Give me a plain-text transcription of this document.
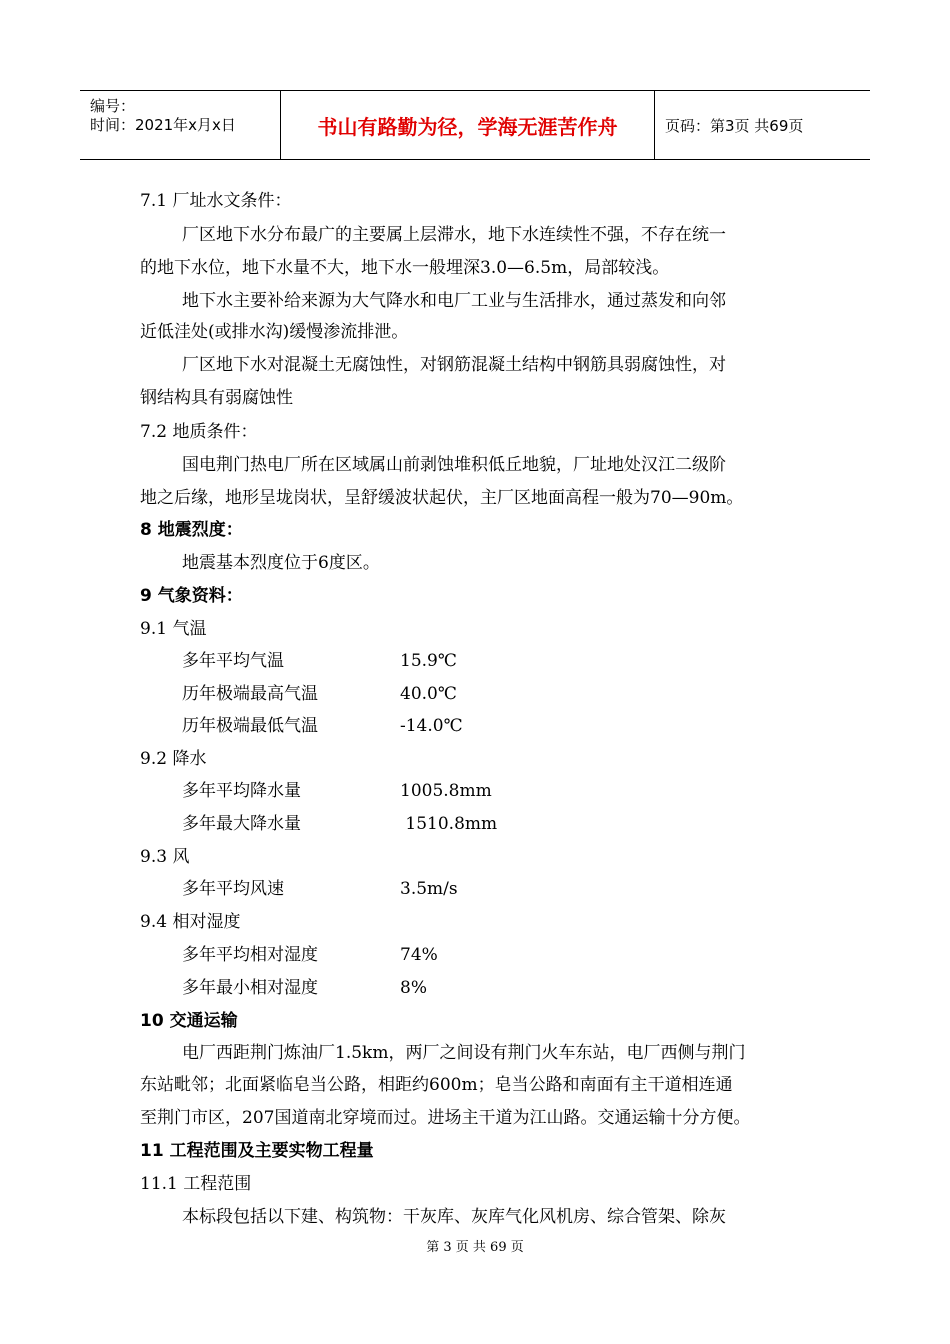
编号：
时间：2021年x月x日	书山有路勤为径，学海无涯苦作舟	页码：第3页 共69页
7.1 厂址水文条件：
厂区地下水分布最广的主要属上层滞水，地下水连续性不强，不存在统一
的地下水位，地下水量不大，地下水一般埋深3.0—6.5m，局部较浅。
地下水主要补给来源为大气降水和电厂工业与生活排水，通过蒸发和向邻
近低洼处(或排水沟)缓慢渗流排泄。
厂区地下水对混凝土无腐蚀性，对钢筋混凝土结构中钢筋具弱腐蚀性，对
钢结构具有弱腐蚀性
7.2 地质条件：
国电荆门热电厂所在区域属山前剥蚀堆积低丘地貌，厂址地处汉江二级阶
地之后缘，地形呈垅岗状，呈舒缓波状起伏，主厂区地面高程一般为70—90m。
8 地震烈度：
地震基本烈度位于6度区。
9 气象资料：
9.1 气温
多年平均气温	15.9℃
历年极端最高气温	40.0℃
历年极端最低气温	-14.0℃
9.2 降水
多年平均降水量	1005.8mm
多年最大降水量	1510.8mm
9.3 风
多年平均风速	3.5m/s
9.4 相对湿度
多年平均相对湿度	74%
多年最小相对湿度	8%
10 交通运输
电厂西距荆门炼油厂1.5km，两厂之间设有荆门火车东站，电厂西侧与荆门
东站毗邻；北面紧临皂当公路，相距约600m；皂当公路和南面有主干道相连通
至荆门市区，207国道南北穿境而过。进场主干道为江山路。交通运输十分方便。
11 工程范围及主要实物工程量
11.1 工程范围
本标段包括以下建、构筑物：干灰库、灰库气化风机房、综合管架、除灰
第 3 页 共 69 页
